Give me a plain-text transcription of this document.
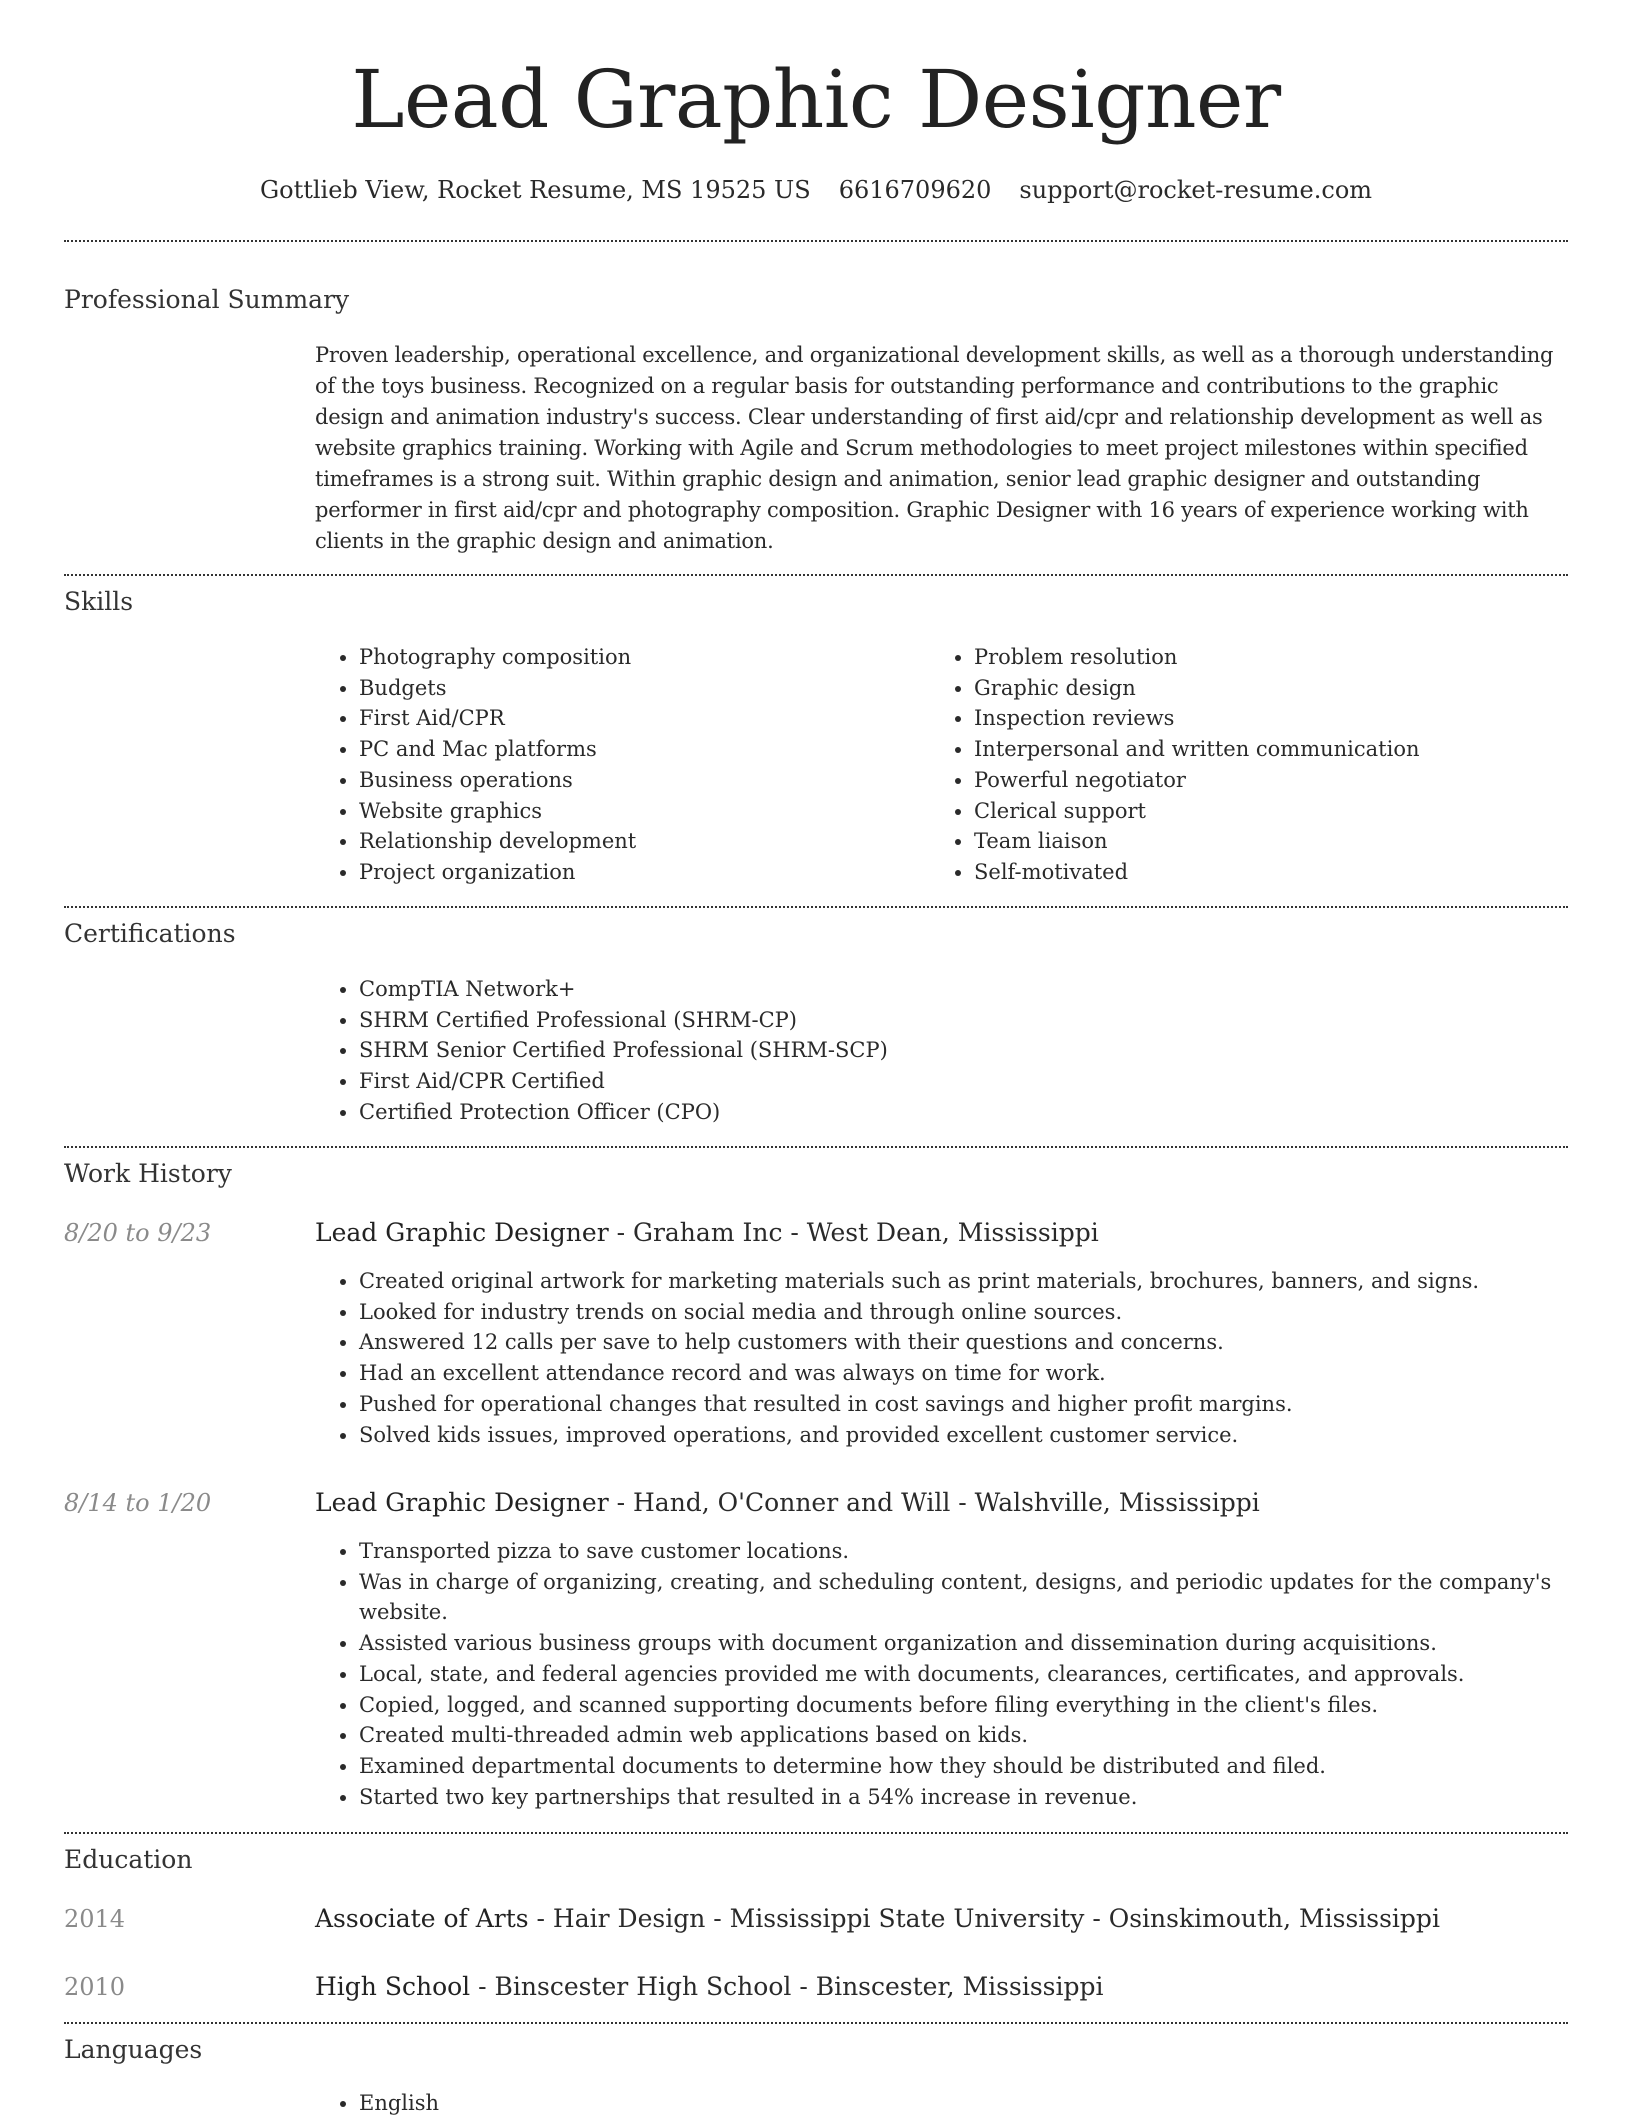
Lead Graphic Designer
Gottlieb View, Rocket Resume, MS 19525 US 6616709620 support@rocket-resume.com
Professional Summary

Proven leadership, operational excellence, and organizational development skills, as well as a thorough understanding of the toys business. Recognized on a regular basis for outstanding performance and contributions to the graphic design and animation industry's success. Clear understanding of first aid/cpr and relationship development as well as website graphics training. Working with Agile and Scrum methodologies to meet project milestones within specified timeframes is a strong suit. Within graphic design and animation, senior lead graphic designer and outstanding performer in first aid/cpr and photography composition. Graphic Designer with 16 years of experience working with clients in the graphic design and animation.

Skills
• Photography composition
• Budgets
• First Aid/CPR
• PC and Mac platforms
• Business operations
• Website graphics
• Relationship development
• Project organization
• Problem resolution
• Graphic design
• Inspection reviews
• Interpersonal and written communication
• Powerful negotiator
• Clerical support
• Team liaison
• Self-motivated
Certifications
• CompTIA Network+
• SHRM Certified Professional (SHRM-CP)
• SHRM Senior Certified Professional (SHRM-SCP)
• First Aid/CPR Certified
• Certified Protection Officer (CPO)
Work History
8/20 to 9/23	Lead Graphic Designer - Graham Inc - West Dean, Mississippi
• Created original artwork for marketing materials such as print materials, brochures, banners, and signs.
• Looked for industry trends on social media and through online sources.
• Answered 12 calls per save to help customers with their questions and concerns.
• Had an excellent attendance record and was always on time for work.
• Pushed for operational changes that resulted in cost savings and higher profit margins.
• Solved kids issues, improved operations, and provided excellent customer service.
8/14 to 1/20	Lead Graphic Designer - Hand, O'Conner and Will - Walshville, Mississippi
• Transported pizza to save customer locations.
• Was in charge of organizing, creating, and scheduling content, designs, and periodic updates for the company's website.
• Assisted various business groups with document organization and dissemination during acquisitions.
• Local, state, and federal agencies provided me with documents, clearances, certificates, and approvals.
• Copied, logged, and scanned supporting documents before filing everything in the client's files.
• Created multi-threaded admin web applications based on kids.
• Examined departmental documents to determine how they should be distributed and filed.
• Started two key partnerships that resulted in a 54% increase in revenue.
Education
2014	Associate of Arts - Hair Design - Mississippi State University - Osinskimouth, Mississippi
2010	High School - Binscester High School - Binscester, Mississippi
Languages
• English
